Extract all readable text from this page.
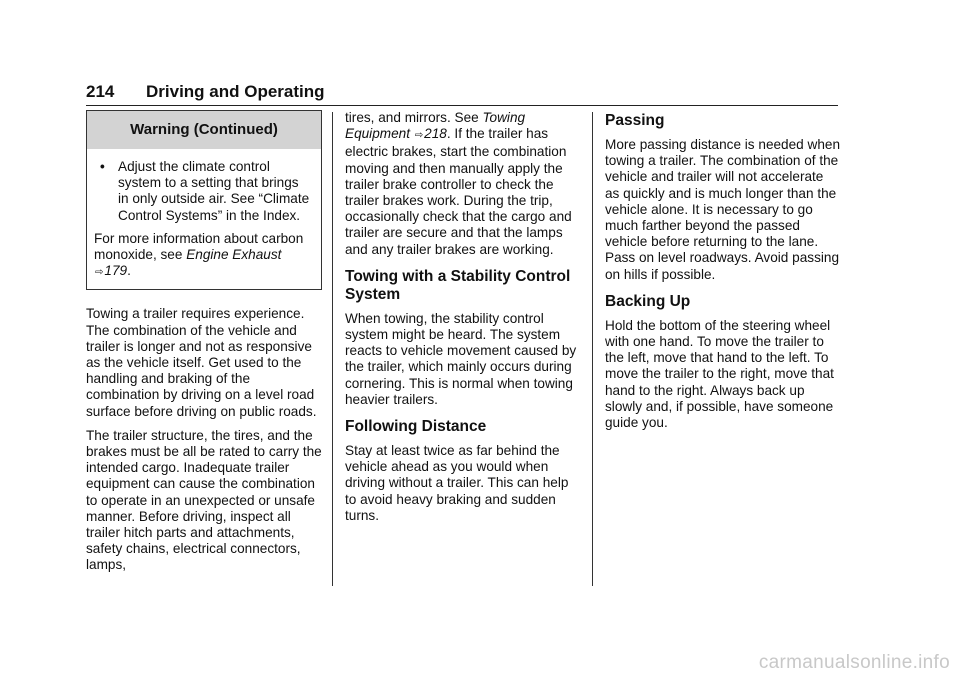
214 Driving and Operating
Warning (Continued)
• Adjust the climate control system to a setting that brings in only outside air. See “Climate Control Systems” in the Index.

For more information about carbon monoxide, see Engine Exhaust ⇨179.

Towing a trailer requires experience. The combination of the vehicle and trailer is longer and not as responsive as the vehicle itself. Get used to the handling and braking of the combination by driving on a level road surface before driving on public roads.

The trailer structure, the tires, and the brakes must be all be rated to carry the intended cargo. Inadequate trailer equipment can cause the combination to operate in an unexpected or unsafe manner. Before driving, inspect all trailer hitch parts and attachments, safety chains, electrical connectors, lamps,

tires, and mirrors. See Towing Equipment ⇨218. If the trailer has electric brakes, start the combination moving and then manually apply the trailer brake controller to check the trailer brakes work. During the trip, occasionally check that the cargo and trailer are secure and that the lamps and any trailer brakes are working.

Towing with a Stability Control System

When towing, the stability control system might be heard. The system reacts to vehicle movement caused by the trailer, which mainly occurs during cornering. This is normal when towing heavier trailers.

Following Distance

Stay at least twice as far behind the vehicle ahead as you would when driving without a trailer. This can help to avoid heavy braking and sudden turns.

Passing

More passing distance is needed when towing a trailer. The combination of the vehicle and trailer will not accelerate as quickly and is much longer than the vehicle alone. It is necessary to go much farther beyond the passed vehicle before returning to the lane. Pass on level roadways. Avoid passing on hills if possible.

Backing Up

Hold the bottom of the steering wheel with one hand. To move the trailer to the left, move that hand to the left. To move the trailer to the right, move that hand to the right. Always back up slowly and, if possible, have someone guide you.

carmanualsonline.info
